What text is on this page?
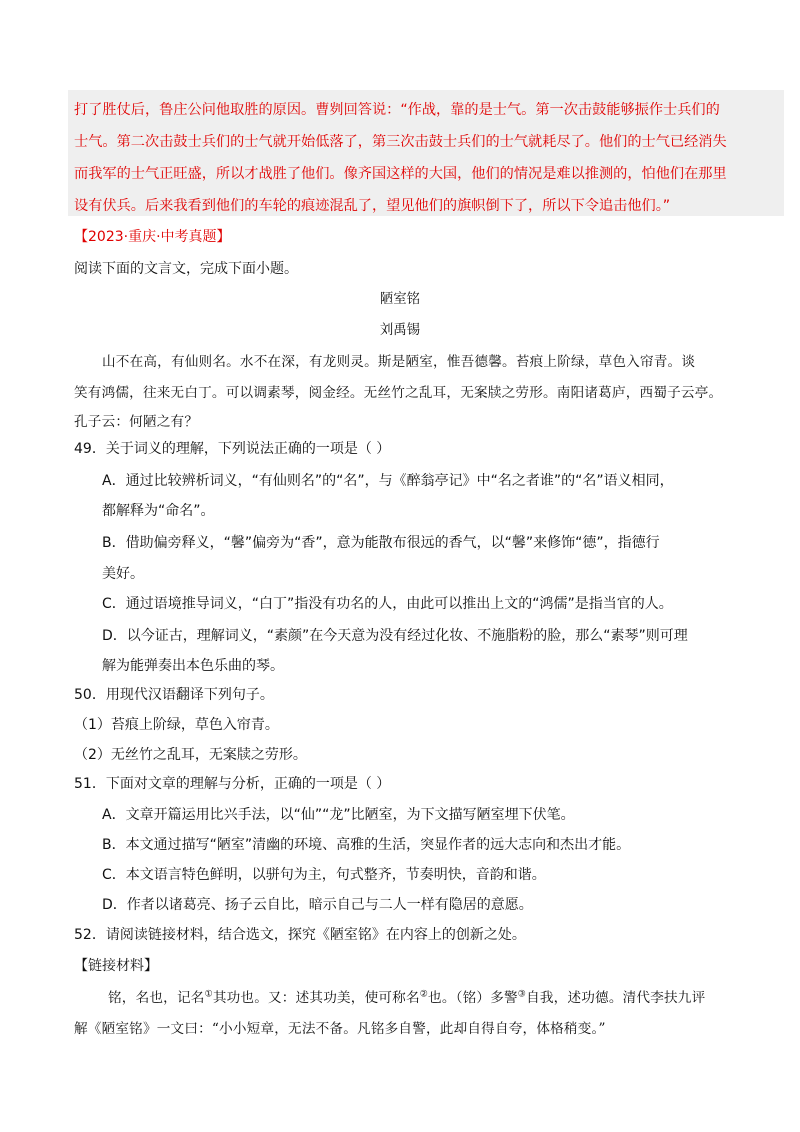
打了胜仗后，鲁庄公问他取胜的原因。曹刿回答说：“作战，靠的是士气。第一次击鼓能够振作士兵们的
士气。第二次击鼓士兵们的士气就开始低落了，第三次击鼓士兵们的士气就耗尽了。他们的士气已经消失
而我军的士气正旺盛，所以才战胜了他们。像齐国这样的大国，他们的情况是难以推测的，怕他们在那里
设有伏兵。后来我看到他们的车轮的痕迹混乱了，望见他们的旗帜倒下了，所以下令追击他们。”
【2023·重庆·中考真题】
阅读下面的文言文，完成下面小题。
陋室铭
刘禹锡
山不在高，有仙则名。水不在深，有龙则灵。斯是陋室，惟吾德馨。苔痕上阶绿，草色入帘青。谈
笑有鸿儒，往来无白丁。可以调素琴，阅金经。无丝竹之乱耳，无案牍之劳形。南阳诸葛庐，西蜀子云亭。
孔子云：何陋之有？
49．关于词义的理解，下列说法正确的一项是（ ）
A．通过比较辨析词义，“有仙则名”的“名”，与《醉翁亭记》中“名之者谁”的“名”语义相同，
都解释为“命名”。
B．借助偏旁释义，“馨”偏旁为“香”，意为能散布很远的香气，以“馨”来修饰“德”，指德行
美好。
C．通过语境推导词义，“白丁”指没有功名的人，由此可以推出上文的“鸿儒”是指当官的人。
D．以今证古，理解词义，“素颜”在今天意为没有经过化妆、不施脂粉的脸，那么“素琴”则可理
解为能弹奏出本色乐曲的琴。
50．用现代汉语翻译下列句子。
（1）苔痕上阶绿，草色入帘青。
（2）无丝竹之乱耳，无案牍之劳形。
51．下面对文章的理解与分析，正确的一项是（ ）
A．文章开篇运用比兴手法，以“仙”“龙”比陋室，为下文描写陋室埋下伏笔。
B．本文通过描写“陋室”清幽的环境、高雅的生活，突显作者的远大志向和杰出才能。
C．本文语言特色鲜明，以骈句为主，句式整齐，节奏明快，音韵和谐。
D．作者以诸葛亮、扬子云自比，暗示自己与二人一样有隐居的意愿。
52．请阅读链接材料，结合选文，探究《陋室铭》在内容上的创新之处。
【链接材料】
铭，名也，记名①其功也。又：述其功美，使可称名②也。（铭）多警③自我，述功德。清代李扶九评
解《陋室铭》一文曰：“小小短章，无法不备。凡铭多自警，此却自得自夸，体格稍变。”
